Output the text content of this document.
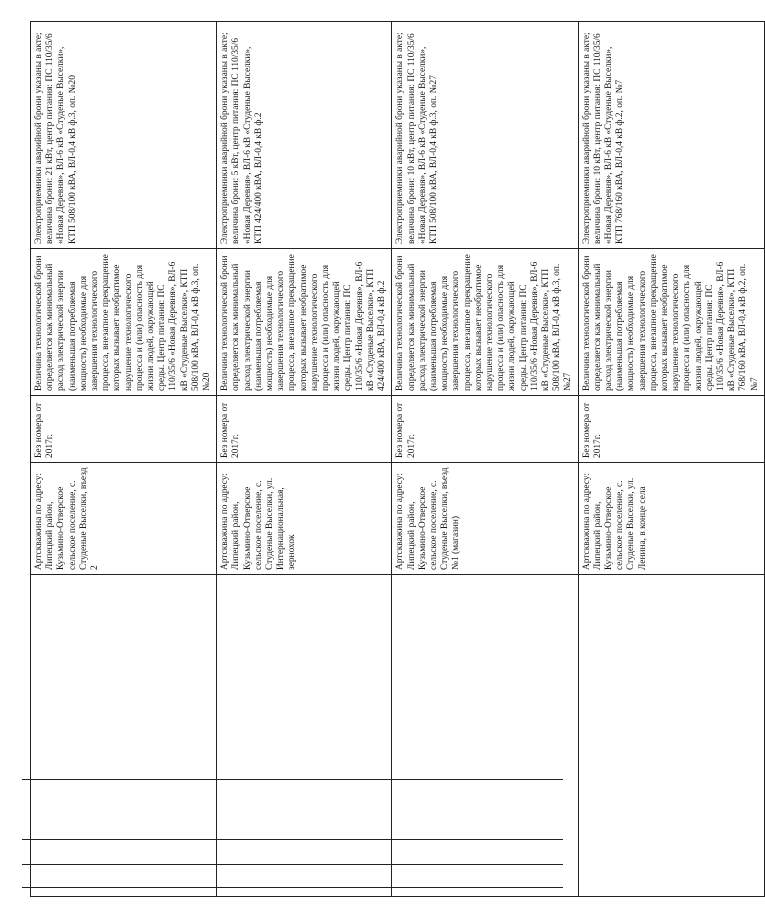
	Артскважина по адресу: Липецкий район, Кузьмино-Отверское сельское поселение, с. Студеные Выселки, въезд 2	Без номера от 2017г.	Величина технологической брони определяется как минимальный расход электрической энергии (наименьшая потребляемая мощность) необходимые для завершения технологического процесса, внезапное прекращение которых вызывает необратимое нарушение технологического процесса и (или) опасность для жизни людей, окружающей среды. Центр питания: ПС 110/35/6 «Новая Деревня», ВЛ-6 кВ «Студеные Выселки», КТП 508/100 кВА, ВЛ-0,4 кВ ф.3, оп. №20	Электроприемники аварийной брони указаны в акте; величина брони: 21 кВт, центр питания: ПС 110/35/6 «Новая Деревня», ВЛ-6 кВ «Студеные Выселки», КТП 508/100 кВА, ВЛ-0,4 кВ ф.3, оп. №20
	Артскважина по адресу: Липецкий район, Кузьмино-Отверское сельское поселение, с. Студеные Выселки, ул. Интернациональная, зернохок	Без номера от 2017г.	Величина технологической брони определяется как минимальный расход электрической энергии (наименьшая потребляемая мощность) необходимые для завершения технологического процесса, внезапное прекращение которых вызывает необратимое нарушение технологического процесса и (или) опасность для жизни людей, окружающей среды. Центр питания: ПС 110/35/6 «Новая Деревня», ВЛ-6 кВ «Студеные Выселки», КТП 424/400 кВА, ВЛ-0,4 кВ ф.2	Электроприемники аварийной брони указаны в акте; величина брони: 5 кВт, центр питания: ПС 110/35/6 «Новая Деревня», ВЛ-6 кВ «Студеные Выселки», КТП 424/400 кВА, ВЛ-0,4 кВ ф.2
	Артскважина по адресу: Липецкий район, Кузьмино-Отверское сельское поселение, с. Студеные Выселки, въезд №1 (магазин)	Без номера от 2017г.	Величина технологической брони определяется как минимальный расход электрической энергии (наименьшая потребляемая мощность) необходимые для завершения технологического процесса, внезапное прекращение которых вызывает необратимое нарушение технологического процесса и (или) опасность для жизни людей, окружающей среды. Центр питания: ПС 110/35/6 «Новая Деревня», ВЛ-6 кВ «Студеные Выселки», КТП 508/100 кВА, ВЛ-0,4 кВ ф.3, оп. №27	Электроприемники аварийной брони указаны в акте; величина брони: 10 кВт, центр питания: ПС 110/35/6 «Новая Деревня», ВЛ-6 кВ «Студеные Выселки», КТП 508/100 кВА, ВЛ-0,4 кВ ф.3, оп. №27
	Артскважина по адресу: Липецкий район, Кузьмино-Отверское сельское поселение, с. Студеные Выселки, ул. Ленина, в конце села	Без номера от 2017г.	Величина технологической брони определяется как минимальный расход электрической энергии (наименьшая потребляемая мощность) необходимые для завершения технологического процесса, внезапное прекращение которых вызывает необратимое нарушение технологического процесса и (или) опасность для жизни людей, окружающей среды. Центр питания: ПС 110/35/6 «Новая Деревня», ВЛ-6 кВ «Студеные Выселки», КТП 768/160 кВА, ВЛ-0,4 кВ ф.2, оп. №7	Электроприемники аварийной брони указаны в акте; величина брони: 10 кВт, центр питания: ПС 110/35/6 «Новая Деревня», ВЛ-6 кВ «Студеные Выселки», КТП 768/160 кВА, ВЛ-0,4 кВ ф.2, оп. №7
